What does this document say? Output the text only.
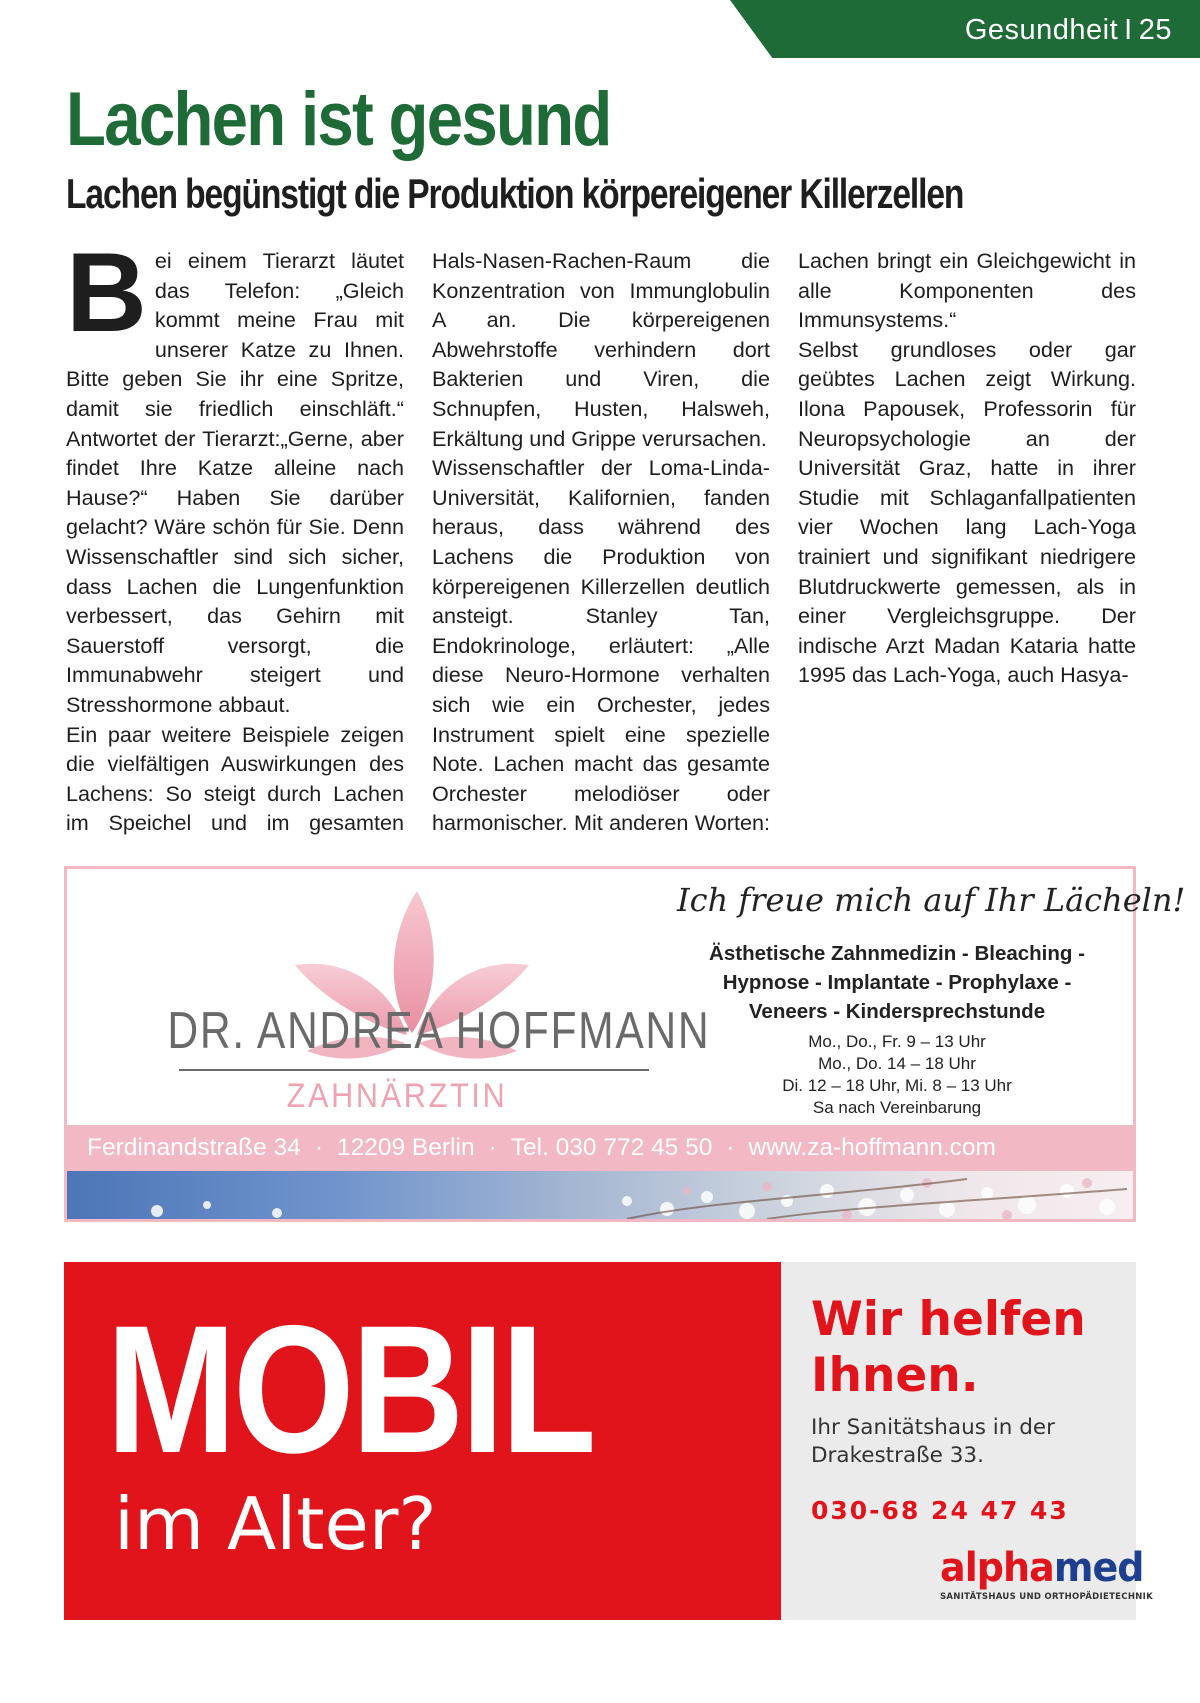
Gesundheit I 25
Lachen ist gesund
Lachen begünstigt die Produktion körpereigener Killerzellen

Bei einem Tierarzt läutet das Telefon: „Gleich kommt meine Frau mit unserer Katze zu Ihnen. Bitte geben Sie ihr eine Spritze, damit sie friedlich einschläft.“ Antwortet der Tierarzt:„Gerne, aber findet Ihre Katze alleine nach Hause?“ Haben Sie darüber gelacht? Wäre schön für Sie. Denn Wissenschaftler sind sich sicher, dass Lachen die Lungenfunktion verbessert, das Gehirn mit Sauerstoff versorgt, die Immunabwehr steigert und Stresshormone abbaut.

Ein paar weitere Beispiele zeigen die vielfältigen Auswirkungen des Lachens: So steigt durch Lachen im Speichel und im gesamten Hals-Nasen-Rachen-Raum die Konzentration von Immunglobulin A an. Die körpereigenen Abwehrstoffe verhindern dort Bakterien und Viren, die Schnupfen, Husten, Halsweh, Erkältung und Grippe verursachen.

Wissenschaftler der Loma-Linda-Universität, Kalifornien, fanden heraus, dass während des Lachens die Produktion von körpereigenen Killerzellen deutlich ansteigt. Stanley Tan, Endokrinologe, erläutert: „Alle diese Neuro-Hormone verhalten sich wie ein Orchester, jedes Instrument spielt eine spezielle Note. Lachen macht das gesamte Orchester melodiöser oder harmonischer. Mit anderen Worten: Lachen bringt ein Gleichgewicht in alle Komponenten des Immunsystems.“

Selbst grundloses oder gar geübtes Lachen zeigt Wirkung. Ilona Papousek, Professorin für Neuropsychologie an der Universität Graz, hatte in ihrer Studie mit Schlaganfallpatienten vier Wochen lang Lach-Yoga trainiert und signifikant niedrigere Blutdruckwerte gemessen, als in einer Vergleichsgruppe. Der indische Arzt Madan Kataria hatte 1995 das Lach-Yoga, auch Hasya-

DR. ANDREA HOFFMANN
ZAHNÄRZTIN
Ich freue mich auf Ihr Lächeln!
Ästhetische Zahnmedizin - Bleaching -
Hypnose - Implantate - Prophylaxe -
Veneers - Kindersprechstunde
Mo., Do., Fr. 9 – 13 Uhr
Mo., Do. 14 – 18 Uhr
Di. 12 – 18 Uhr, Mi. 8 – 13 Uhr
Sa nach Vereinbarung
Ferdinandstraße 34 · 12209 Berlin · Tel. 030 772 45 50 · www.za-hoffmann.com
MOBIL
im Alter?
Wir helfen
Ihnen.
Ihr Sanitätshaus in der Drakestraße 33.
030-68 24 47 43
alphamed
SANITÄTSHAUS UND ORTHOPÄDIETECHNIK
